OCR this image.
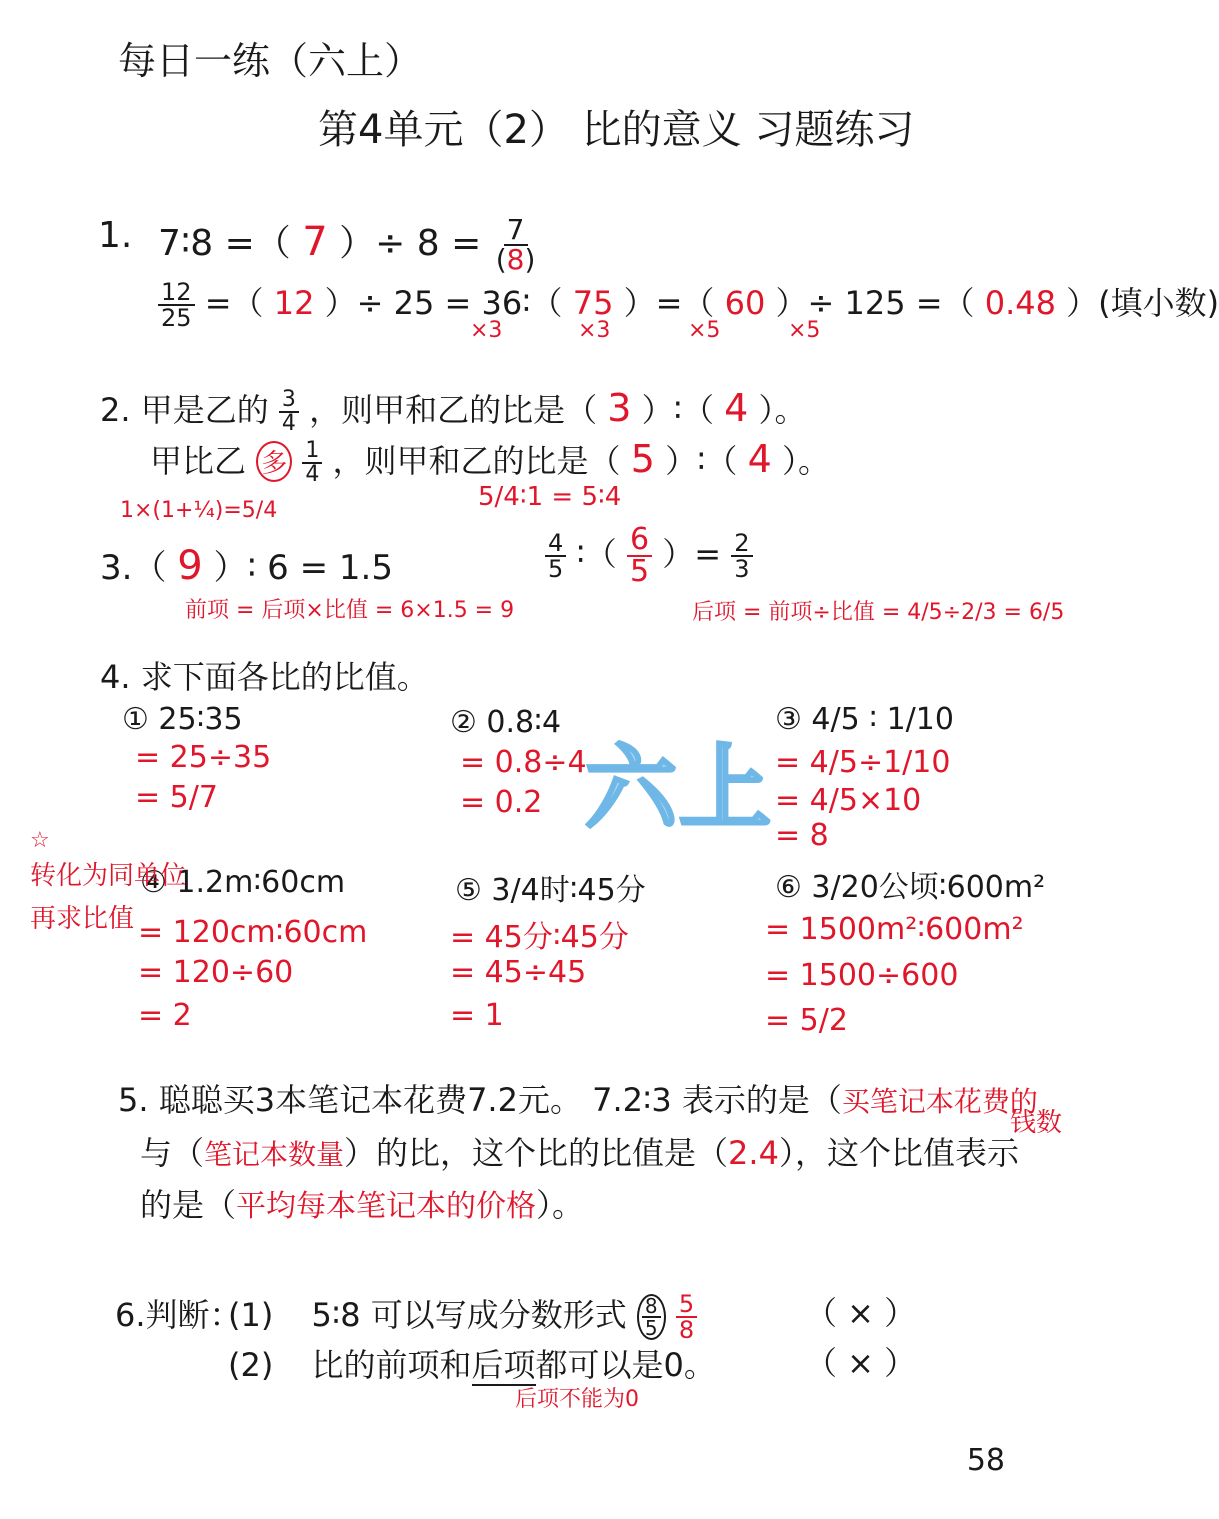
每日一练（六上）
第4单元（2） 比的意义 习题练习
1. 7∶8 =（ 7 ）÷ $8 = \frac{7}{(8)}$
$\frac{12}{25}$ =（ 12 ）÷ 25 = 36∶（ 75 ）=（ 60 ）÷ 125 =（ 0.48 ）(填小数)
×3	×3	×5	×5
2. 甲是乙的 $\frac{3}{4}$ ，则甲和乙的比是（ 3 ）∶（ 4 ）。
甲比乙 多 $\frac{1}{4}$ ，则甲和乙的比是（ 5 ）∶（ 4 ）。
1×(1+¼)=5/4	5/4∶1 = 5∶4
3.（ 9 ）∶ 6 = 1.5	$\frac{4}{5}$ ∶（ $\frac{6}{5}$ ）= $\frac{2}{3}$
前项 = 后项×比值 = 6×1.5 = 9	后项 = 前项÷比值 = 4/5÷2/3 = 6/5
4. 求下面各比的比值。
① 25∶35
= 25÷35
= 5/7
② 0.8∶4
= 0.8÷4
= 0.2
③ 4/5 ∶ 1/10
= 4/5÷1/10
= 4/5×10
= 8
④ 1.2m∶60cm
= 120cm∶60cm
= 120÷60
= 2
⑤ 3/4时∶45分
= 45分∶45分
= 45÷45
= 1
⑥ 3/20公顷∶600m²
= 1500m²∶600m²
= 1500÷600
= 5/2
☆
转化为同单位
再求比值
六上
5. 聪聪买3本笔记本花费7.2元。 7.2∶3 表示的是（买笔记本花费的
钱数
与（笔记本数量）的比，这个比的比值是（2.4），这个比值表示
的是（平均每本笔记本的价格）。
6.判断：
(1) 5∶8 可以写成分数形式 $\frac{8}{5}$
$\frac{5}{8}$	（ × ）
(2) 比的前项和后项都可以是0。	（ × ）
后项不能为0
58
